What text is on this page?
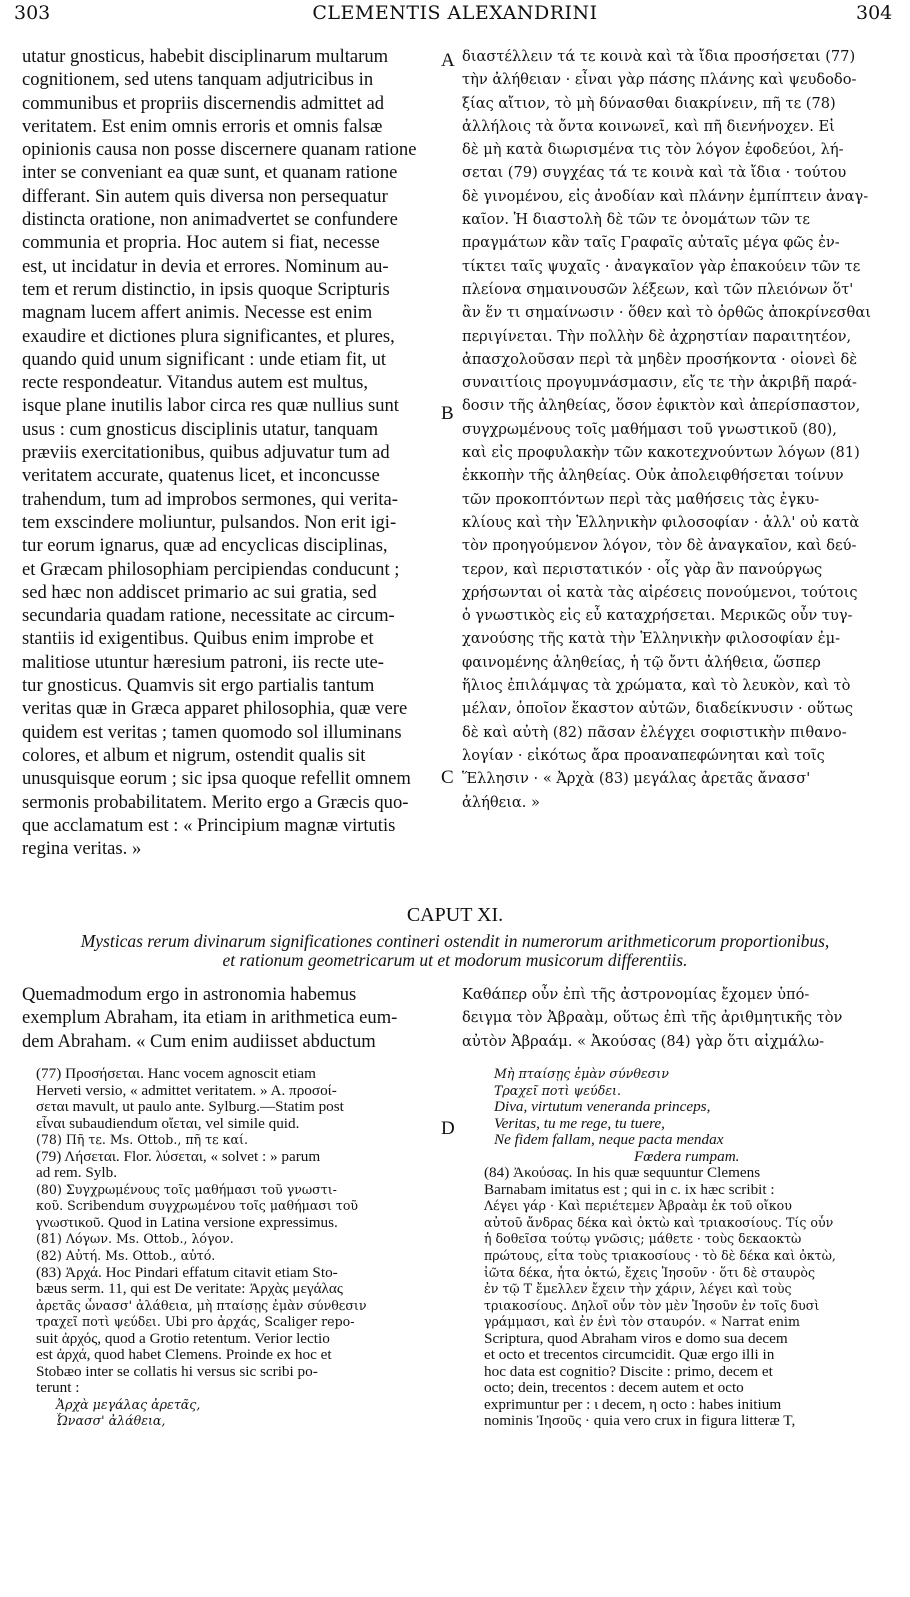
303	CLEMENTIS ALEXANDRINI	304
A
B
C
D
utatur gnosticus, habebit disciplinarum multarum
cognitionem, sed utens tanquam adjutricibus in
communibus et propriis discernendis admittet ad
veritatem. Est enim omnis erroris et omnis falsæ
opinionis causa non posse discernere quanam ratione
inter se conveniant ea quæ sunt, et quanam ratione
differant. Sin autem quis diversa non persequatur
distincta oratione, non animadvertet se confundere
communia et propria. Hoc autem si fiat, necesse
est, ut incidatur in devia et errores. Nominum au-
tem et rerum distinctio, in ipsis quoque Scripturis
magnam lucem affert animis. Necesse est enim
exaudire et dictiones plura significantes, et plures,
quando quid unum significant : unde etiam fit, ut
recte respondeatur. Vitandus autem est multus,
isque plane inutilis labor circa res quæ nullius sunt
usus : cum gnosticus disciplinis utatur, tanquam
præviis exercitationibus, quibus adjuvatur tum ad
veritatem accurate, quatenus licet, et inconcusse
trahendum, tum ad improbos sermones, qui verita-
tem exscindere moliuntur, pulsandos. Non erit igi-
tur eorum ignarus, quæ ad encyclicas disciplinas,
et Græcam philosophiam percipiendas conducunt ;
sed hæc non addiscet primario ac sui gratia, sed
secundaria quadam ratione, necessitate ac circum-
stantiis id exigentibus. Quibus enim improbe et
malitiose utuntur hæresium patroni, iis recte ute-
tur gnosticus. Quamvis sit ergo partialis tantum
veritas quæ in Græca apparet philosophia, quæ vere
quidem est veritas ; tamen quomodo sol illuminans
colores, et album et nigrum, ostendit qualis sit
unusquisque eorum ; sic ipsa quoque refellit omnem
sermonis probabilitatem. Merito ergo a Græcis quo-
que acclamatum est : « Principium magnæ virtutis
regina veritas. »
διαστέλλειν τά τε κοινὰ καὶ τὰ ἴδια προσήσεται (77)
τὴν ἀλήθειαν · εἶναι γὰρ πάσης πλάνης καὶ ψευδοδο-
ξίας αἴτιον, τὸ μὴ δύνασθαι διακρίνειν, πῆ τε (78)
ἀλλήλοις τὰ ὄντα κοινωνεῖ, καὶ πῆ διενήνοχεν. Εἰ
δὲ μὴ κατὰ διωρισμένα τις τὸν λόγον ἐφοδεύοι, λή-
σεται (79) συγχέας τά τε κοινὰ καὶ τὰ ἴδια · τούτου
δὲ γινομένου, εἰς ἀνοδίαν καὶ πλάνην ἐμπίπτειν ἀναγ-
καῖον. Ἡ διαστολὴ δὲ τῶν τε ὀνομάτων τῶν τε
πραγμάτων κἂν ταῖς Γραφαῖς αὐταῖς μέγα φῶς ἐν-
τίκτει ταῖς ψυχαῖς · ἀναγκαῖον γὰρ ἐπακούειν τῶν τε
πλείονα σημαινουσῶν λέξεων, καὶ τῶν πλειόνων ὅτ'
ἂν ἕν τι σημαίνωσιν · ὅθεν καὶ τὸ ὀρθῶς ἀποκρίνεσθαι
περιγίνεται. Τὴν πολλὴν δὲ ἀχρηστίαν παραιτητέον,
ἀπασχολοῦσαν περὶ τὰ μηδὲν προσήκοντα · οἱονεὶ δὲ
συναιτίοις προγυμνάσμασιν, εἴς τε τὴν ἀκριβῆ παρά-
δοσιν τῆς ἀληθείας, ὅσον ἐφικτὸν καὶ ἀπερίσπαστον,
συγχρωμένους τοῖς μαθήμασι τοῦ γνωστικοῦ (80),
καὶ εἰς προφυλακὴν τῶν κακοτεχνούντων λόγων (81)
ἐκκοπὴν τῆς ἀληθείας. Οὐκ ἀπολειφθήσεται τοίνυν
τῶν προκοπτόντων περὶ τὰς μαθήσεις τὰς ἐγκυ-
κλίους καὶ τὴν Ἑλληνικὴν φιλοσοφίαν · ἀλλ' οὐ κατὰ
τὸν προηγούμενον λόγον, τὸν δὲ ἀναγκαῖον, καὶ δεύ-
τερον, καὶ περιστατικόν · οἷς γὰρ ἂν πανούργως
χρήσωνται οἱ κατὰ τὰς αἱρέσεις πονούμενοι, τούτοις
ὁ γνωστικὸς εἰς εὖ καταχρήσεται. Μερικῶς οὖν τυγ-
χανούσης τῆς κατὰ τὴν Ἑλληνικὴν φιλοσοφίαν ἐμ-
φαινομένης ἀληθείας, ἡ τῷ ὄντι ἀλήθεια, ὥσπερ
ἥλιος ἐπιλάμψας τὰ χρώματα, καὶ τὸ λευκὸν, καὶ τὸ
μέλαν, ὁποῖον ἕκαστον αὐτῶν, διαδείκνυσιν · οὕτως
δὲ καὶ αὐτὴ (82) πᾶσαν ἐλέγχει σοφιστικὴν πιθανο-
λογίαν · εἰκότως ἄρα προαναπεφώνηται καὶ τοῖς
Ἕλλησιν · « Ἀρχὰ (83) μεγάλας ἀρετᾶς ἄνασσ'
ἀλήθεια. »
CAPUT XI.
Mysticas rerum divinarum significationes contineri ostendit in numerorum arithmeticorum proportionibus,
et rationum geometricarum ut et modorum musicorum differentiis.
Quemadmodum ergo in astronomia habemus
exemplum Abraham, ita etiam in arithmetica eum-
dem Abraham. « Cum enim audiisset abductum
Καθάπερ οὖν ἐπὶ τῆς ἀστρονομίας ἔχομεν ὑπό-
δειγμα τὸν Ἀβραὰμ, οὕτως ἐπὶ τῆς ἀριθμητικῆς τὸν
αὐτὸν Ἀβραάμ. « Ἀκούσας (84) γὰρ ὅτι αἰχμάλω-
(77) Προσήσεται. Hanc vocem agnoscit etiam
Herveti versio, « admittet veritatem. » A. προσοί-
σεται mavult, ut paulo ante. Sylburg.—Statim post
εἶναι subaudiendum οἴεται, vel simile quid.
(78) Πῆ τε. Ms. Ottob., πῆ τε καί.
(79) Λήσεται. Flor. λύσεται, « solvet : » parum
ad rem. Sylb.
(80) Συγχρωμένους τοῖς μαθήμασι τοῦ γνωστι-
κοῦ. Scribendum συγχρωμένου τοῖς μαθήμασι τοῦ
γνωστικοῦ. Quod in Latina versione expressimus.
(81) Λόγων. Ms. Ottob., λόγον.
(82) Αὐτή. Ms. Ottob., αὐτό.
(83) Ἀρχά. Hoc Pindari effatum citavit etiam Sto-
bæus serm. 11, qui est De veritate: Ἀρχὰς μεγάλας
ἀρετᾶς ὦνασσ' ἀλάθεια, μὴ πταίσῃς ἐμὰν σύνθεσιν
τραχεῖ ποτὶ ψεύδει. Ubi pro ἀρχάς, Scaliger repo-
suit ἀρχός, quod a Grotio retentum. Verior lectio
est ἀρχά, quod habet Clemens. Proinde ex hoc et
Stobæo inter se collatis hi versus sic scribi po-
terunt :
Ἀρχὰ μεγάλας ἀρετᾶς,
Ὦνασσ' ἀλάθεια,
Μὴ πταίσῃς ἐμὰν σύνθεσιν
Τραχεῖ ποτὶ ψεύδει.
Diva, virtutum veneranda princeps,
Veritas, tu me rege, tu tuere,
Ne fidem fallam, neque pacta mendax
Fœdera rumpam.
(84) Ἀκούσας. In his quæ sequuntur Clemens
Barnabam imitatus est ; qui in c. ix hæc scribit :
Λέγει γάρ · Καὶ περιέτεμεν Ἀβραὰμ ἐκ τοῦ οἴκου
αὐτοῦ ἄνδρας δέκα καὶ ὀκτὼ καὶ τριακοσίους. Τίς οὖν
ἡ δοθεῖσα τούτῳ γνῶσις; μάθετε · τοὺς δεκαοκτὼ
πρώτους, εἶτα τοὺς τριακοσίους · τὸ δὲ δέκα καὶ ὀκτὼ,
ἰῶτα δέκα, ἦτα ὀκτώ, ἔχεις Ἰησοῦν · ὅτι δὲ σταυρὸς
ἐν τῷ Τ ἔμελλεν ἔχειν τὴν χάριν, λέγει καὶ τοὺς
τριακοσίους. Δηλοῖ οὖν τὸν μὲν Ἰησοῦν ἐν τοῖς δυσὶ
γράμμασι, καὶ ἐν ἑνὶ τὸν σταυρόν. « Narrat enim
Scriptura, quod Abraham viros e domo sua decem
et octo et trecentos circumcidit. Quæ ergo illi in
hoc data est cognitio? Discite : primo, decem et
octo; dein, trecentos : decem autem et octo
exprimuntur per : ι decem, η octo : habes initium
nominis Ἰησοῦς · quia vero crux in figura litteræ T,
